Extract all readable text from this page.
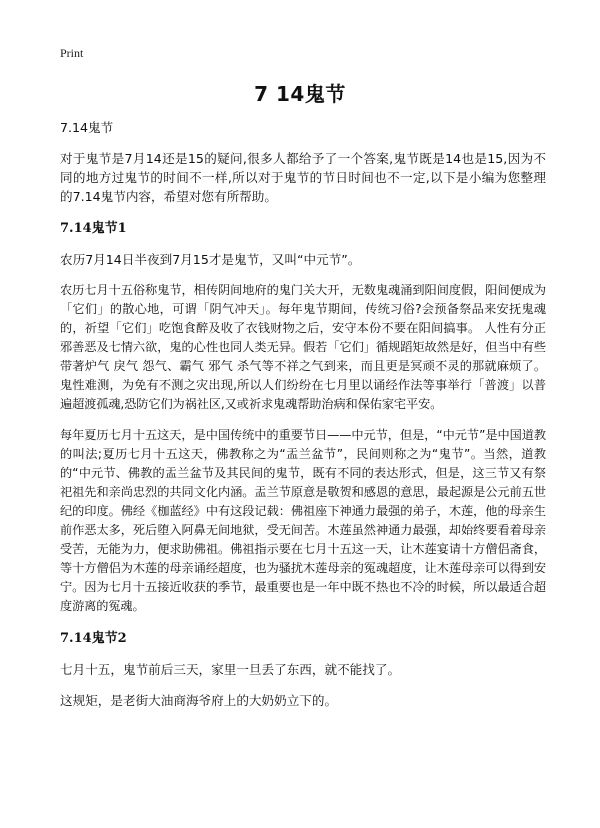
Print
7 14鬼节

7.14鬼节

对于鬼节是7月14还是15的疑问,很多人都给予了一个答案,鬼节既是14也是15,因为不同的地方过鬼节的时间不一样,所以对于鬼节的节日时间也不一定,以下是小编为您整理的7.14鬼节内容，希望对您有所帮助。

7.14鬼节1

农历7月14日半夜到7月15才是鬼节，又叫“中元节”。

农历七月十五俗称鬼节，相传阴间地府的鬼门关大开，无数鬼魂涌到阳间度假，阳间便成为「它们」的散心地，可谓「阴气冲天」。每年鬼节期间，传统习俗?会预备祭品来安抚鬼魂的，祈望「它们」吃饱食醉及收了衣钱财物之后，安守本份不要在阳间搞事。 人性有分正邪善恶及七情六欲，鬼的心性也同人类无异。假若「它们」循规蹈矩故然是好，但当中有些带著炉气 戾气 怨气、霸气 邪气 杀气等不祥之气到来，而且更是冥顽不灵的那就麻烦了。鬼性难测，为免有不测之灾出现,所以人们纷纷在七月里以诵经作法等事举行「普渡」以普遍超渡孤魂,恐防它们为祸社区,又或祈求鬼魂帮助治病和保佑家宅平安。

每年夏历七月十五这天，是中国传统中的重要节日——中元节，但是，“中元节”是中国道教的叫法;夏历七月十五这天，佛教称之为“盂兰盆节”，民间则称之为“鬼节”。当然，道教的“中元节、佛教的盂兰盆节及其民间的鬼节，既有不同的表达形式，但是，这三节又有祭祀祖先和亲尚忠烈的共同文化内涵。盂兰节原意是敬贺和感恩的意思，最起源是公元前五世纪的印度。佛经《枷蓝经》中有这段记载：佛祖座下神通力最强的弟子，木莲，他的母亲生前作恶太多，死后堕入阿鼻无间地狱，受无间苦。木莲虽然神通力最强，却始终要看着母亲受苦，无能为力，便求助佛祖。佛祖指示要在七月十五这一天，让木莲宴请十方僧侣斋食，等十方僧侣为木莲的母亲诵经超度，也为骚扰木莲母亲的冤魂超度，让木莲母亲可以得到安宁。因为七月十五接近收获的季节，最重要也是一年中既不热也不冷的时候，所以最适合超度游离的冤魂。

7.14鬼节2

七月十五，鬼节前后三天，家里一旦丢了东西，就不能找了。

这规矩，是老街大油商海爷府上的大奶奶立下的。
